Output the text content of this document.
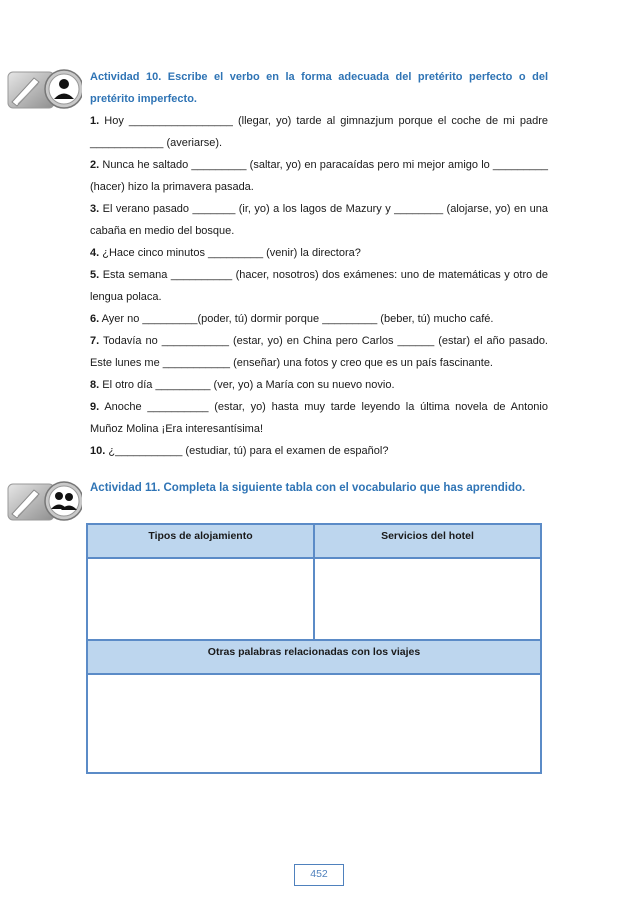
Actividad 10. Escribe el verbo en la forma adecuada del pretérito perfecto o del pretérito imperfecto.

1. Hoy _________________ (llegar, yo) tarde al gimnazjum porque el coche de mi padre ____________ (averiarse).

2. Nunca he saltado _________ (saltar, yo) en paracaídas pero mi mejor amigo lo _________ (hacer) hizo la primavera pasada.

3. El verano pasado _______ (ir, yo) a los lagos de Mazury y ________ (alojarse, yo) en una cabaña en medio del bosque.

4. ¿Hace cinco minutos _________ (venir) la directora?

5. Esta semana __________ (hacer, nosotros) dos exámenes: uno de matemáticas y otro de lengua polaca.

6. Ayer no _________(poder, tú) dormir porque _________ (beber, tú) mucho café.

7. Todavía no ___________ (estar, yo) en China pero Carlos ______ (estar) el año pasado. Este lunes me ___________ (enseñar) una fotos y creo que es un país fascinante.

8. El otro día _________ (ver, yo) a María con su nuevo novio.

9. Anoche __________ (estar, yo) hasta muy tarde leyendo la última novela de Antonio Muñoz Molina ¡Era interesantísima!

10. ¿___________ (estudiar, tú) para el examen de español?

Actividad 11. Completa la siguiente tabla con el vocabulario que has aprendido.
Tipos de alojamiento	Servicios del hotel

Otras palabras relacionadas con los viajes	

452
